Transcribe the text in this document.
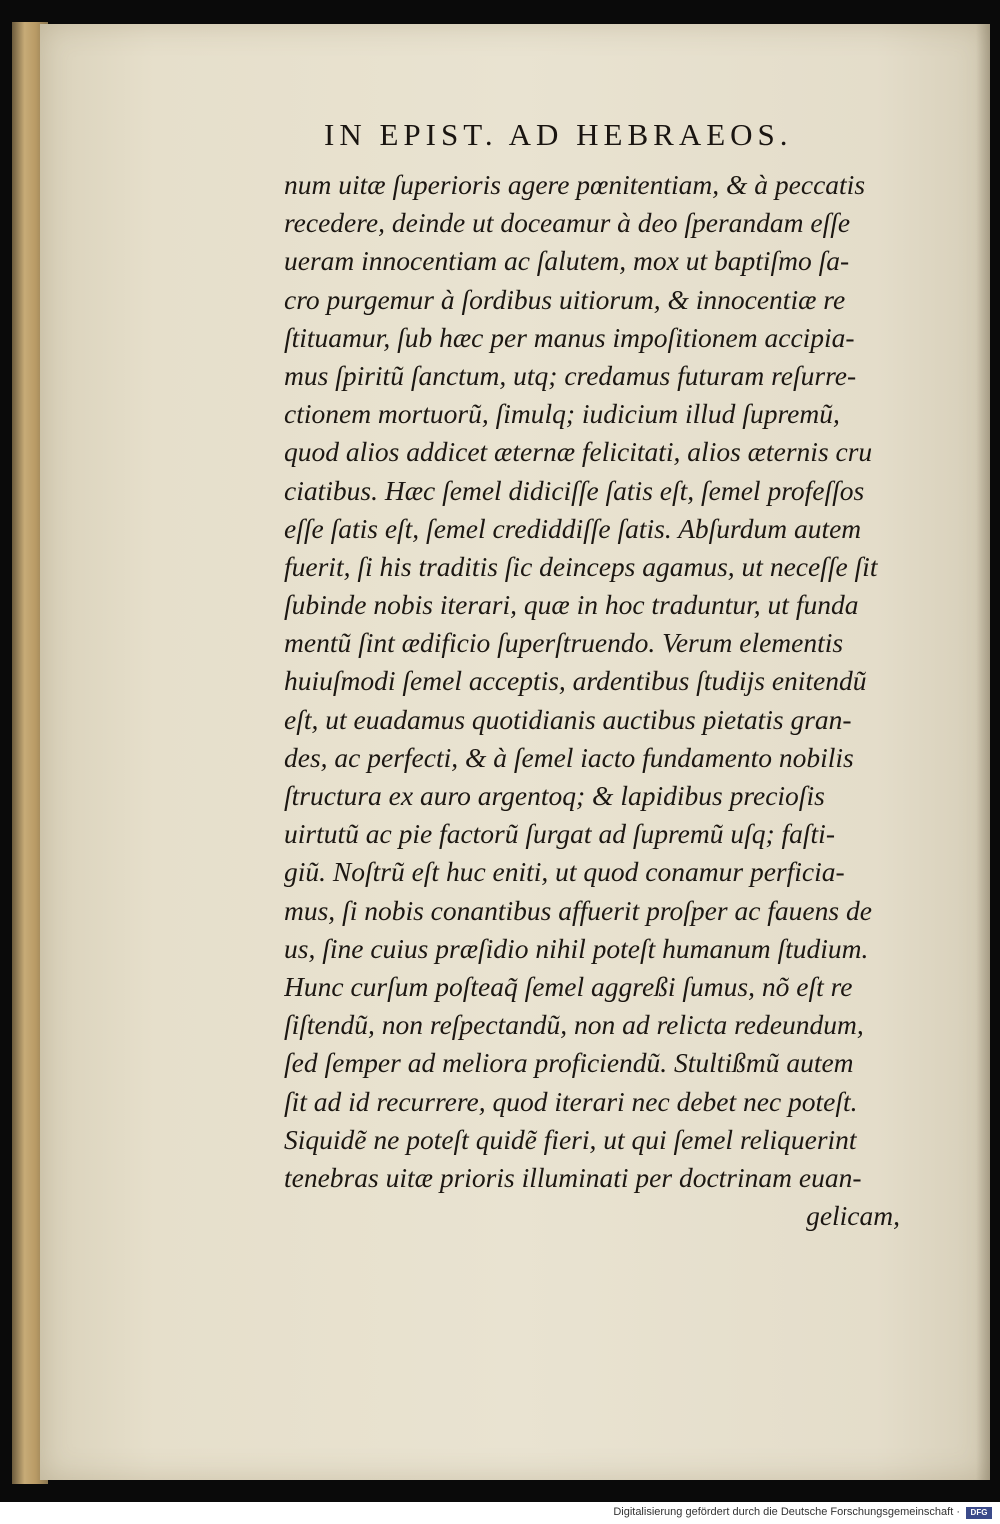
IN EPIST. AD HEBRAEOS.
num uitæ ſuperioris agere pœnitentiam, & à peccatis
recedere, deinde ut doceamur à deo ſperandam eſſe
ueram innocentiam ac ſalutem, mox ut baptiſmo ſa-
cro purgemur à ſordibus uitiorum, & innocentiæ re
ſtituamur, ſub hæc per manus impoſitionem accipia-
mus ſpiritũ ſanctum, utq; credamus futuram reſurre-
ctionem mortuorũ, ſimulq; iudicium illud ſupremũ,
quod alios addicet æternæ felicitati, alios æternis cru
ciatibus. Hæc ſemel didiciſſe ſatis eſt, ſemel profeſſos
eſſe ſatis eſt, ſemel crediddiſſe ſatis. Abſurdum autem
fuerit, ſi his traditis ſic deinceps agamus, ut neceſſe ſit
ſubinde nobis iterari, quæ in hoc traduntur, ut funda
mentũ ſint ædificio ſuperſtruendo. Verum elementis
huiuſmodi ſemel acceptis, ardentibus ſtudijs enitendũ
eſt, ut euadamus quotidianis auctibus pietatis gran-
des, ac perfecti, & à ſemel iacto fundamento nobilis
ſtructura ex auro argentoq; & lapidibus precioſis
uirtutũ ac pie factorũ ſurgat ad ſupremũ uſq; faſti-
giũ. Noſtrũ eſt huc eniti, ut quod conamur perficia-
mus, ſi nobis conantibus affuerit proſper ac fauens de
us, ſine cuius præſidio nihil poteſt humanum ſtudium.
Hunc curſum poſteaq̃ ſemel aggreßi ſumus, nõ eſt re
ſiſtendũ, non reſpectandũ, non ad relicta redeundum,
ſed ſemper ad meliora proficiendũ. Stultißmũ autem
ſit ad id recurrere, quod iterari nec debet nec poteſt.
Siquidẽ ne poteſt quidẽ fieri, ut qui ſemel reliquerint
tenebras uitæ prioris illuminati per doctrinam euan-
gelicam,
Digitalisierung gefördert durch die Deutsche Forschungsgemeinschaft ·	DFG
